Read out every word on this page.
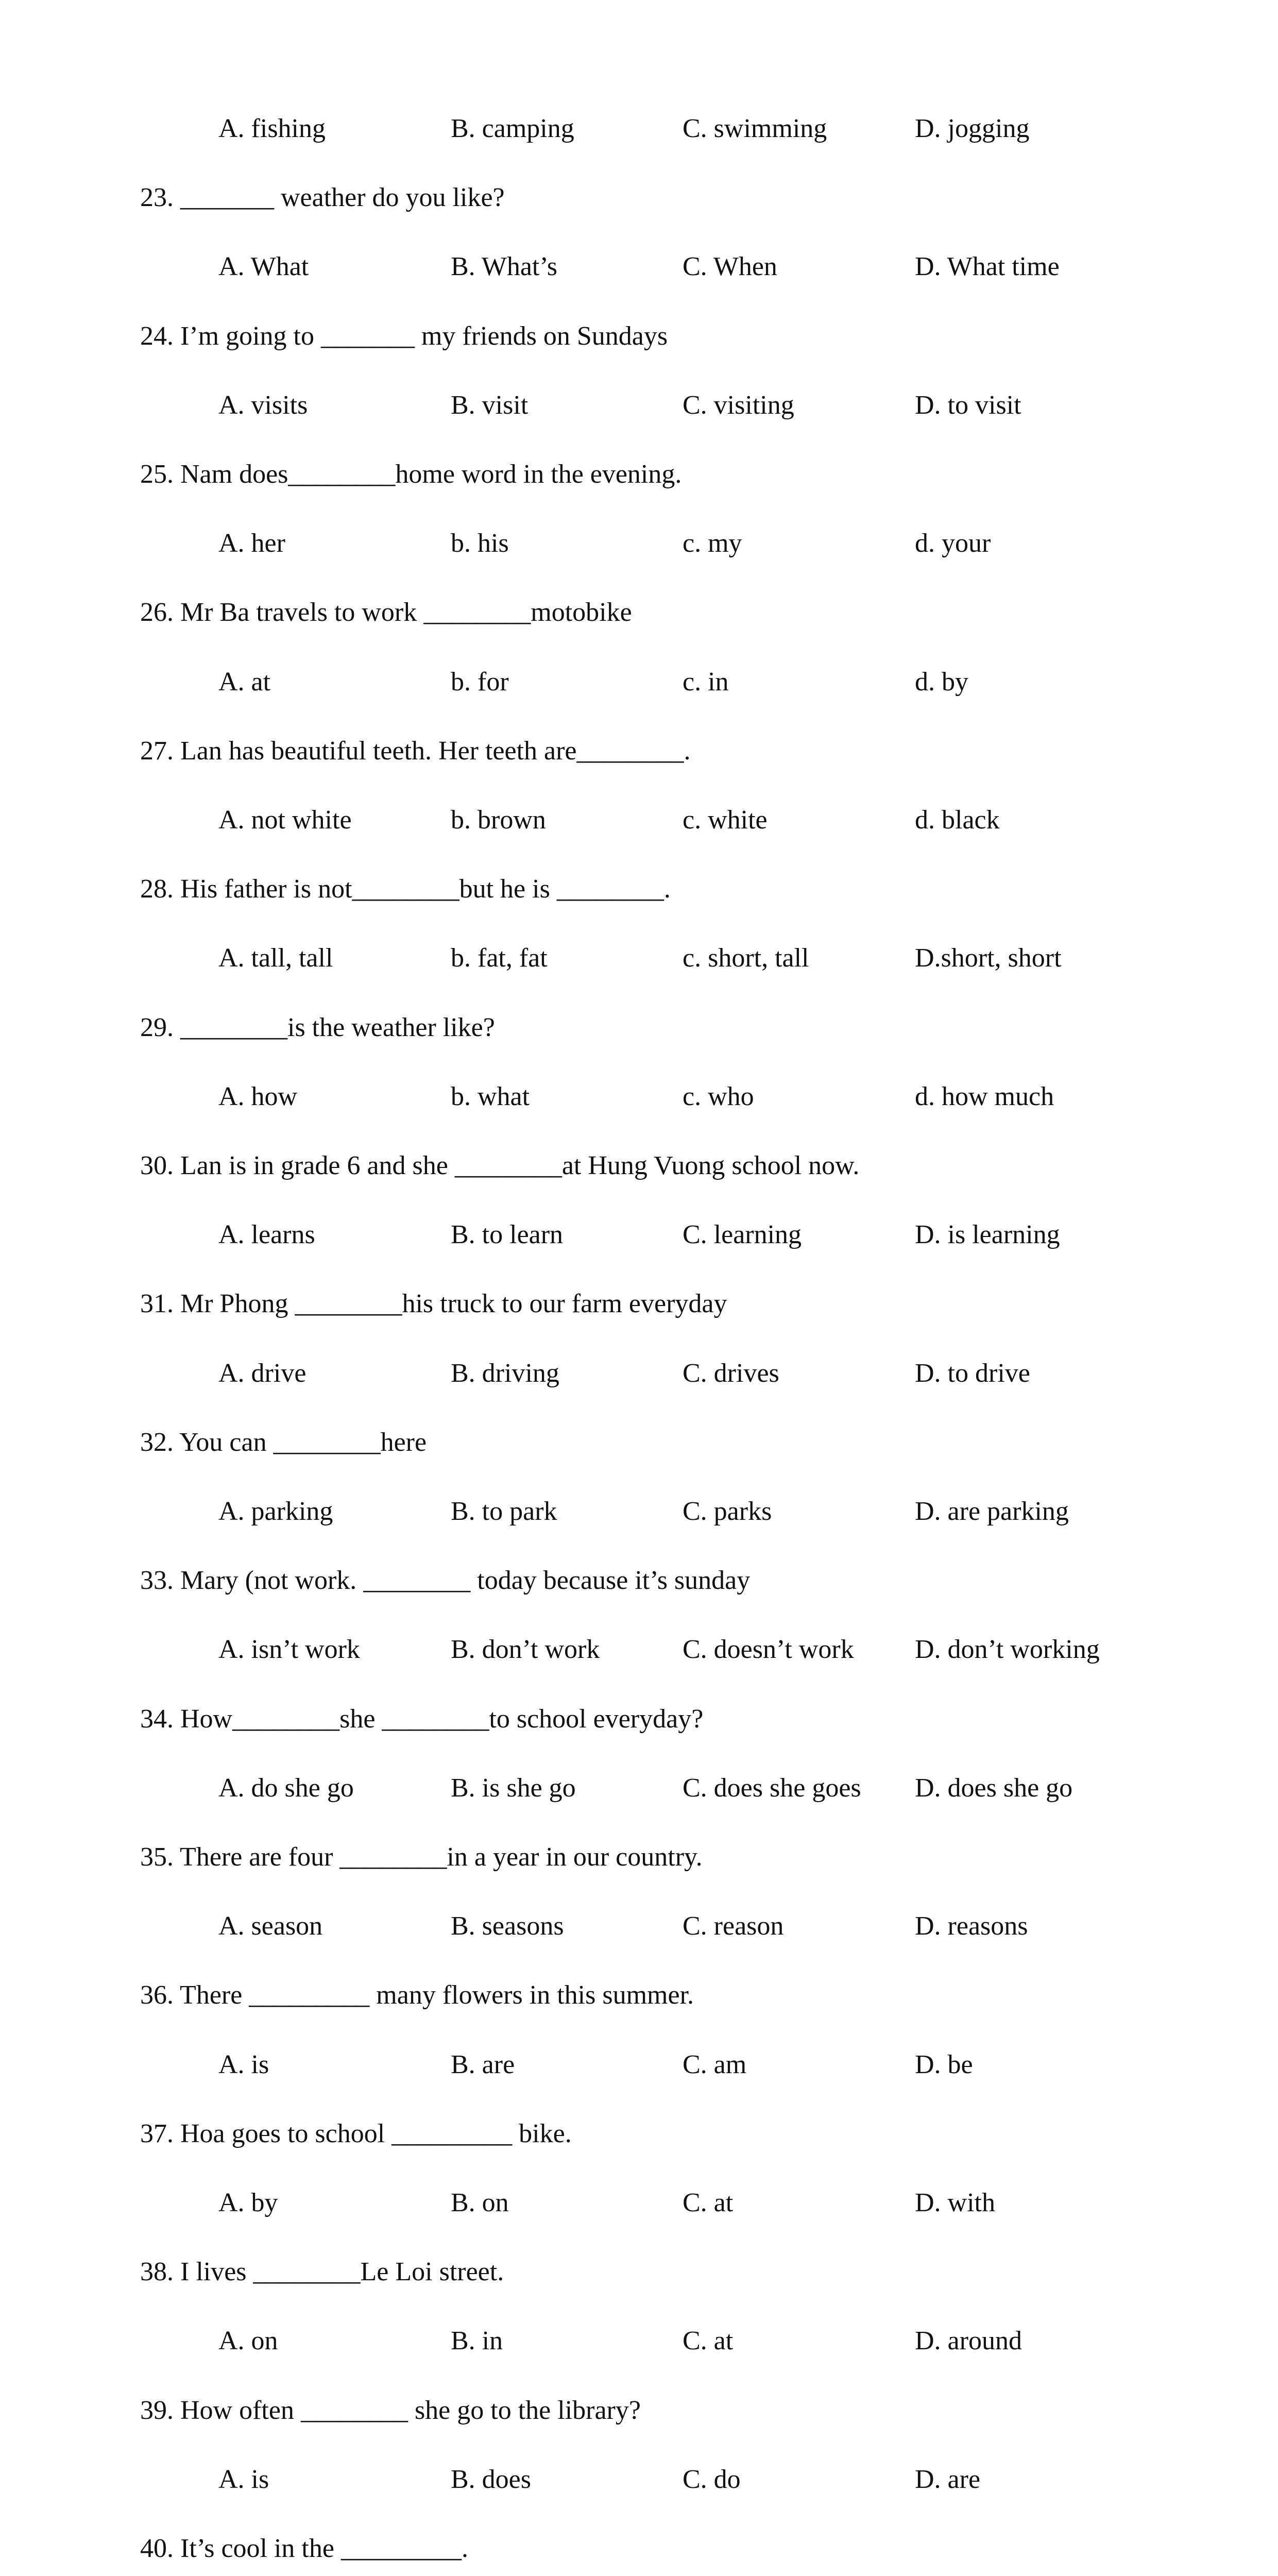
A. fishing	B. camping	C. swimming	D. jogging
23. _______ weather do you like?
A. What	B. What’s	C. When	D. What time
24. I’m going to _______ my friends on Sundays
A. visits	B. visit	C. visiting	D. to visit
25. Nam does________home word in the evening.
A. her	b. his	c. my	d. your
26. Mr Ba travels to work ________motobike
A. at	b. for	c. in	d. by
27. Lan has beautiful teeth. Her teeth are________.
A. not white	b. brown	c. white	d. black
28. His father is not________but he is ________.
A. tall, tall	b. fat, fat	c. short, tall	D.short, short
29. ________is the weather like?
A. how	b. what	c. who	d. how much
30. Lan is in grade 6 and she ________at Hung Vuong school now.
A. learns	B. to learn	C. learning	D. is learning
31. Mr Phong ________his truck to our farm everyday
A. drive	B. driving	C. drives	D. to drive
32. You can ________here
A. parking	B. to park	C. parks	D. are parking
33. Mary (not work. ________ today because it’s sunday
A. isn’t work	B. don’t work	C. doesn’t work D. don’t working
34. How________she ________to school everyday?
A. do she go	B. is she go	C. does she goes D. does she go
35. There are four ________in a year in our country.
A. season	B. seasons	C. reason	D. reasons
36. There _________ many flowers in this summer.
A. is	B. are	C. am	D. be
37. Hoa goes to school _________ bike.
A. by	B. on	C. at	D. with
38. I lives ________Le Loi street.
A. on	B. in	C. at	D. around
39. How often ________ she go to the library?
A. is	B. does	C. do	D. are
40. It’s cool in the _________.
